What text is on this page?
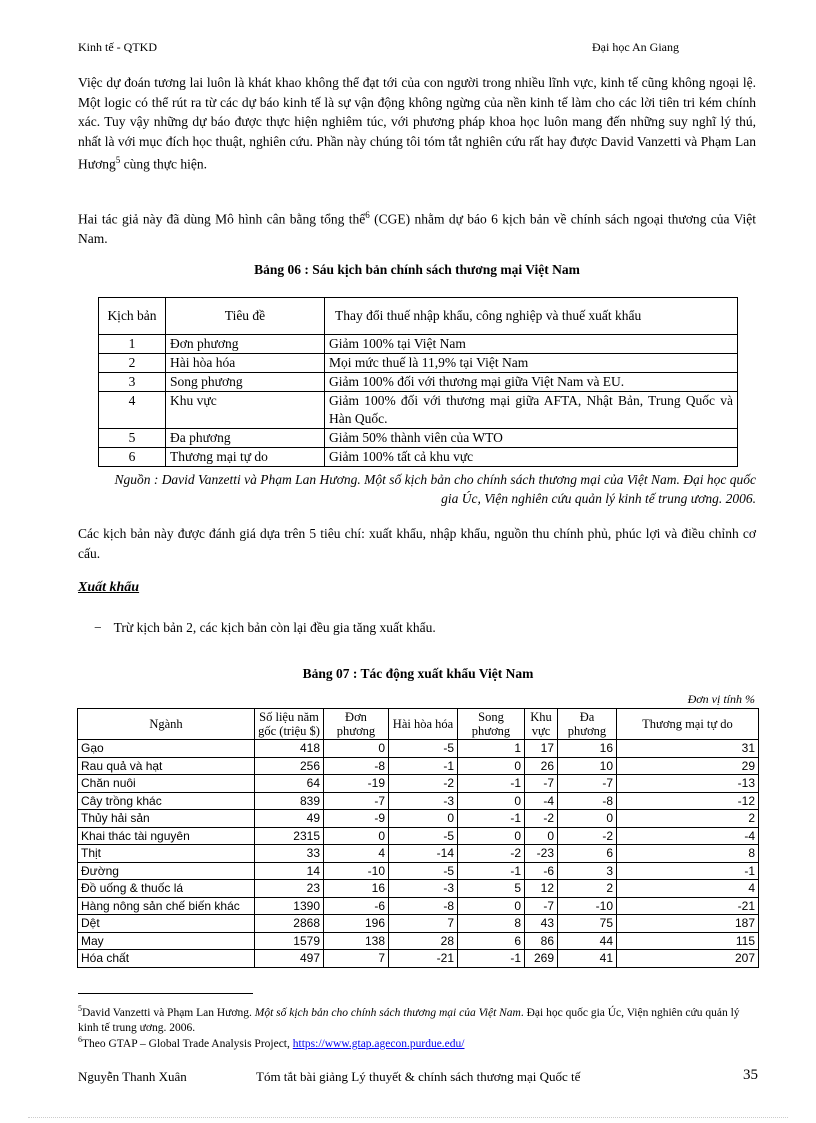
Kinh tế - QTKD	Đại học An Giang
Việc dự đoán tương lai luôn là khát khao không thể đạt tới của con người trong nhiều lĩnh vực, kinh tế cũng không ngoại lệ. Một logic có thể rút ra từ các dự báo kinh tế là sự vận động không ngừng của nền kinh tế làm cho các lời tiên tri kém chính xác. Tuy vậy những dự báo được thực hiện nghiêm túc, với phương pháp khoa học luôn mang đến những suy nghĩ lý thú, nhất là với mục đích học thuật, nghiên cứu. Phần này chúng tôi tóm tắt nghiên cứu rất hay được David Vanzetti và Phạm Lan Hương$^5$ cùng thực hiện.
Hai tác giả này đã dùng Mô hình cân bằng tổng thể$^6$ (CGE) nhằm dự báo 6 kịch bản về chính sách ngoại thương của Việt Nam.
Bảng 06 : Sáu kịch bản chính sách thương mại Việt Nam
Kịch bản	Tiêu đề	Thay đổi thuế nhập khẩu, công nghiệp và thuế xuất khẩu
1	Đơn phương	Giảm 100% tại Việt Nam
2	Hài hòa hóa	Mọi mức thuế là 11,9% tại Việt Nam
3	Song phương	Giảm 100% đối với thương mại giữa Việt Nam và EU.
4	Khu vực	Giảm 100% đối với thương mại giữa AFTA, Nhật Bản, Trung Quốc và Hàn Quốc.
5	Đa phương	Giảm 50% thành viên của WTO
6	Thương mại tự do	Giảm 100% tất cả khu vực
Nguồn : David Vanzetti và Phạm Lan Hương. Một số kịch bản cho chính sách thương mại của Việt Nam. Đại học quốc gia Úc, Viện nghiên cứu quản lý kinh tế trung ương. 2006.
Các kịch bản này được đánh giá dựa trên 5 tiêu chí: xuất khẩu, nhập khẩu, nguồn thu chính phủ, phúc lợi và điều chỉnh cơ cấu.
Xuất khẩu
− Trừ kịch bản 2, các kịch bản còn lại đều gia tăng xuất khẩu.
Bảng 07 : Tác động xuất khẩu Việt Nam
Đơn vị tính %
Ngành	Số liệu năm gốc (triệu $)	Đơn phương	Hài hòa hóa	Song phương	Khu vực	Đa phương	Thương mại tự do
Gạo	418	0	-5	1	17	16	31
Rau quả và hạt	256	-8	-1	0	26	10	29
Chăn nuôi	64	-19	-2	-1	-7	-7	-13
Cây trồng khác	839	-7	-3	0	-4	-8	-12
Thủy hải sản	49	-9	0	-1	-2	0	2
Khai thác tài nguyên	2315	0	-5	0	0	-2	-4
Thịt	33	4	-14	-2	-23	6	8
Đường	14	-10	-5	-1	-6	3	-1
Đồ uống & thuốc lá	23	16	-3	5	12	2	4
Hàng nông sản chế biến khác	1390	-6	-8	0	-7	-10	-21
Dệt	2868	196	7	8	43	75	187
May	1579	138	28	6	86	44	115
Hóa chất	497	7	-21	-1	269	41	207
$^5$David Vanzetti và Phạm Lan Hương. Một số kịch bản cho chính sách thương mại của Việt Nam. Đại học quốc gia Úc, Viện nghiên cứu quản lý kinh tế trung ương. 2006.
$^6$Theo GTAP – Global Trade Analysis Project, https://www.gtap.agecon.purdue.edu/
Nguyễn Thanh Xuân	Tóm tắt bài giảng Lý thuyết & chính sách thương mại Quốc tế	35
